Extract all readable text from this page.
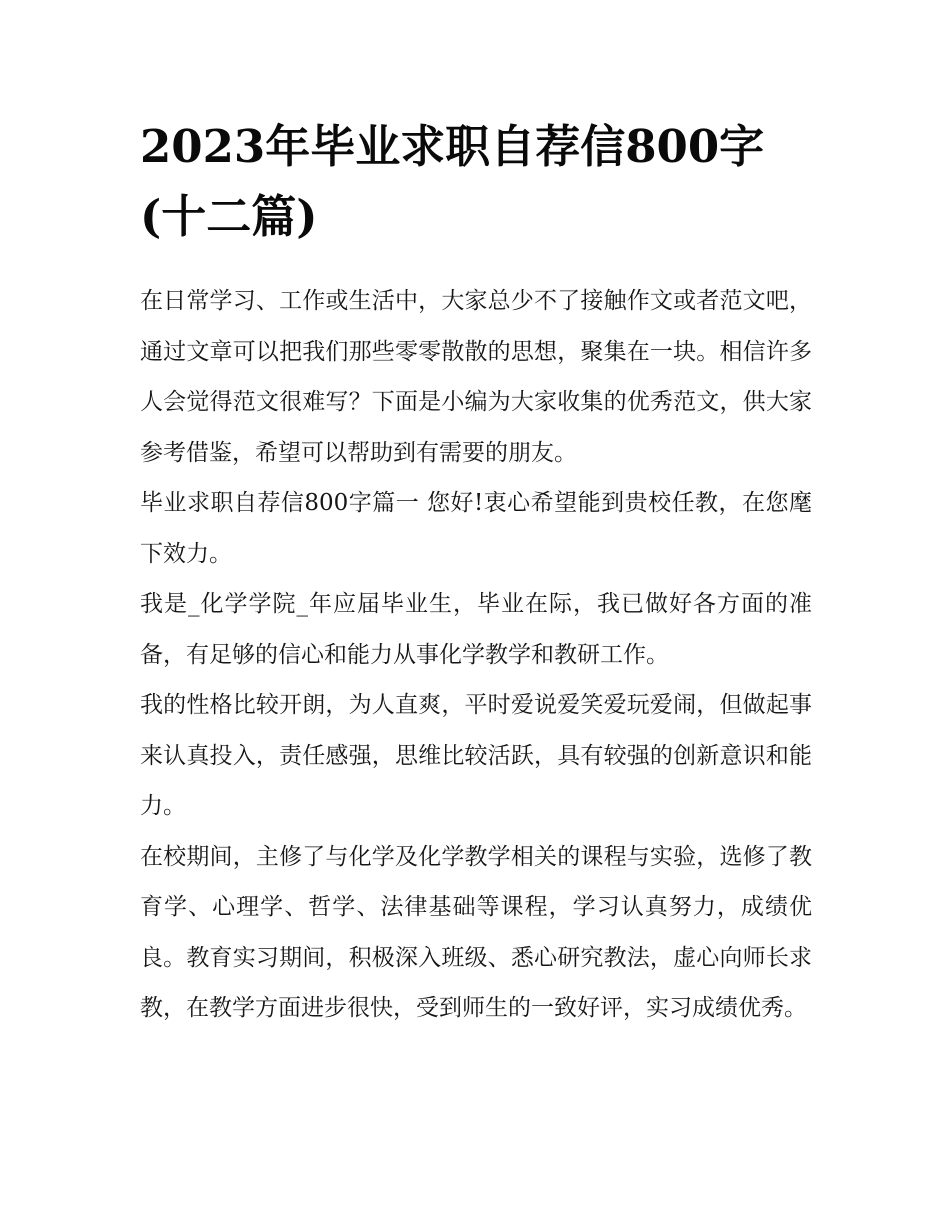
2023年毕业求职自荐信800字
(十二篇)

在日常学习、工作或生活中，大家总少不了接触作文或者范文吧，通过文章可以把我们那些零零散散的思想，聚集在一块。相信许多人会觉得范文很难写？下面是小编为大家收集的优秀范文，供大家参考借鉴，希望可以帮助到有需要的朋友。

毕业求职自荐信800字篇一 您好!衷心希望能到贵校任教，在您麾下效力。

我是_化学学院_年应届毕业生，毕业在际，我已做好各方面的准备，有足够的信心和能力从事化学教学和教研工作。

我的性格比较开朗，为人直爽，平时爱说爱笑爱玩爱闹，但做起事来认真投入，责任感强，思维比较活跃，具有较强的创新意识和能力。

在校期间，主修了与化学及化学教学相关的课程与实验，选修了教育学、心理学、哲学、法律基础等课程，学习认真努力，成绩优良。教育实习期间，积极深入班级、悉心研究教法，虚心向师长求教，在教学方面进步很快，受到师生的一致好评，实习成绩优秀。
